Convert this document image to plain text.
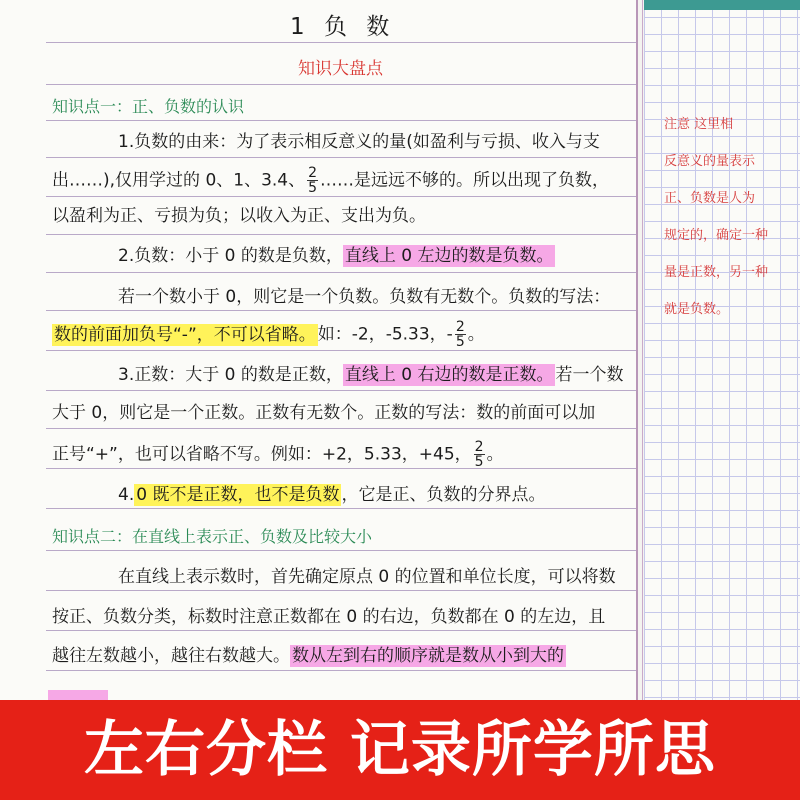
1 负 数
知识大盘点
知识点一：正、负数的认识
1.负数的由来：为了表示相反意义的量(如盈利与亏损、收入与支
出……),仅用学过的 0、1、3.4、 $\frac{2}{5}$ ……是远远不够的。所以出现了负数，
以盈利为正、亏损为负；以收入为正、支出为负。
2.负数：小于 0 的数是负数， 直线上 0 左边的数是负数。
若一个数小于 0，则它是一个负数。负数有无数个。负数的写法：
数的前面加负号“-”，不可以省略。 如：-2，-5.33，- $\frac{2}{5}$ 。
3.正数：大于 0 的数是正数， 直线上 0 右边的数是正数。 若一个数
大于 0，则它是一个正数。正数有无数个。正数的写法：数的前面可以加
正号“+”，也可以省略不写。例如：+2，5.33，+45， $\frac{2}{5}$ 。
4. 0 既不是正数，也不是负数 ，它是正、负数的分界点。
知识点二：在直线上表示正、负数及比较大小
在直线上表示数时，首先确定原点 0 的位置和单位长度，可以将数
按正、负数分类，标数时注意正数都在 0 的右边，负数都在 0 的左边，且
越往左数越小，越往右数越大。 数从左到右的顺序就是数从小到大的
注意 这里相
反意义的量表示
正、负数是人为
规定的，确定一种
量是正数，另一种
就是负数。
左右分栏 记录所学所思
